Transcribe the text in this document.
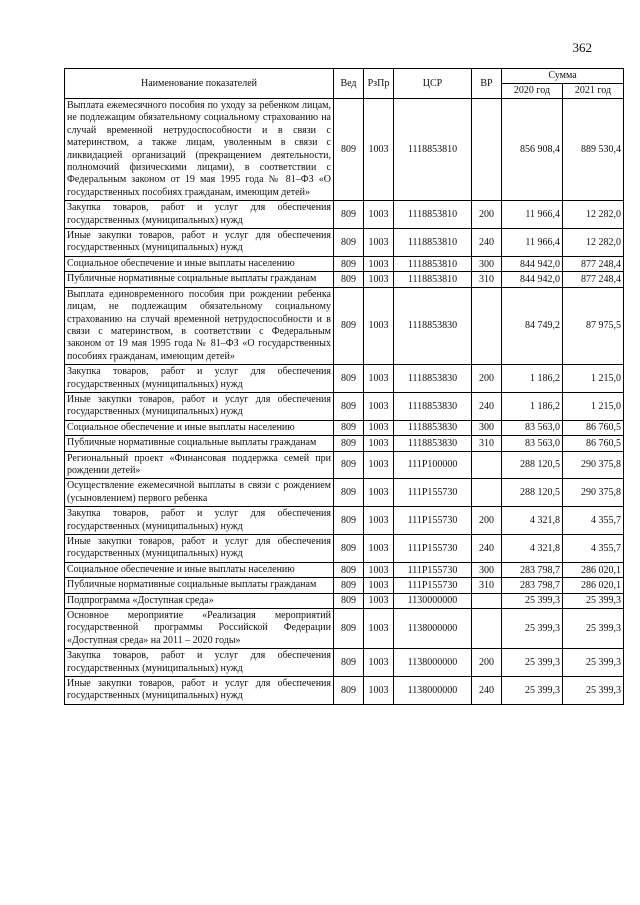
362
Наименование показателей	Вед	РзПр	ЦСР	ВР	Сумма	
					2020 год	2021 год
Выплата ежемесячного пособия по уходу за ребенком лицам, не подлежащим обязательному социальному страхованию на случай временной нетрудоспособности и в связи с материнством, а также лицам, уволенным в связи с ликвидацией организаций (прекращением деятельности, полномочий физическими лицами), в соответствии с Федеральным законом от 19 мая 1995 года № 81–ФЗ «О государственных пособиях гражданам, имеющим детей»	809	1003	1118853810		856 908,4	889 530,4
Закупка товаров, работ и услуг для обеспечения государственных (муниципальных) нужд	809	1003	1118853810	200	11 966,4	12 282,0
Иные закупки товаров, работ и услуг для обеспечения государственных (муниципальных) нужд	809	1003	1118853810	240	11 966,4	12 282,0
Социальное обеспечение и иные выплаты населению	809	1003	1118853810	300	844 942,0	877 248,4
Публичные нормативные социальные выплаты гражданам	809	1003	1118853810	310	844 942,0	877 248,4
Выплата единовременного пособия при рождении ребенка лицам, не подлежащим обязательному социальному страхованию на случай временной нетрудоспособности и в связи с материнством, в соответствии с Федеральным законом от 19 мая 1995 года № 81–ФЗ «О государственных пособиях гражданам, имеющим детей»	809	1003	1118853830		84 749,2	87 975,5
Закупка товаров, работ и услуг для обеспечения государственных (муниципальных) нужд	809	1003	1118853830	200	1 186,2	1 215,0
Иные закупки товаров, работ и услуг для обеспечения государственных (муниципальных) нужд	809	1003	1118853830	240	1 186,2	1 215,0
Социальное обеспечение и иные выплаты населению	809	1003	1118853830	300	83 563,0	86 760,5
Публичные нормативные социальные выплаты гражданам	809	1003	1118853830	310	83 563,0	86 760,5
Региональный проект «Финансовая поддержка семей при рождении детей»	809	1003	111P100000		288 120,5	290 375,8
Осуществление ежемесячной выплаты в связи с рождением (усыновлением) первого ребенка	809	1003	111P155730		288 120,5	290 375,8
Закупка товаров, работ и услуг для обеспечения государственных (муниципальных) нужд	809	1003	111P155730	200	4 321,8	4 355,7
Иные закупки товаров, работ и услуг для обеспечения государственных (муниципальных) нужд	809	1003	111P155730	240	4 321,8	4 355,7
Социальное обеспечение и иные выплаты населению	809	1003	111P155730	300	283 798,7	286 020,1
Публичные нормативные социальные выплаты гражданам	809	1003	111P155730	310	283 798,7	286 020,1
Подпрограмма «Доступная среда»	809	1003	1130000000		25 399,3	25 399,3
Основное мероприятие «Реализация мероприятий государственной программы Российской Федерации «Доступная среда» на 2011 – 2020 годы»	809	1003	1138000000		25 399,3	25 399,3
Закупка товаров, работ и услуг для обеспечения государственных (муниципальных) нужд	809	1003	1138000000	200	25 399,3	25 399,3
Иные закупки товаров, работ и услуг для обеспечения государственных (муниципальных) нужд	809	1003	1138000000	240	25 399,3	25 399,3
